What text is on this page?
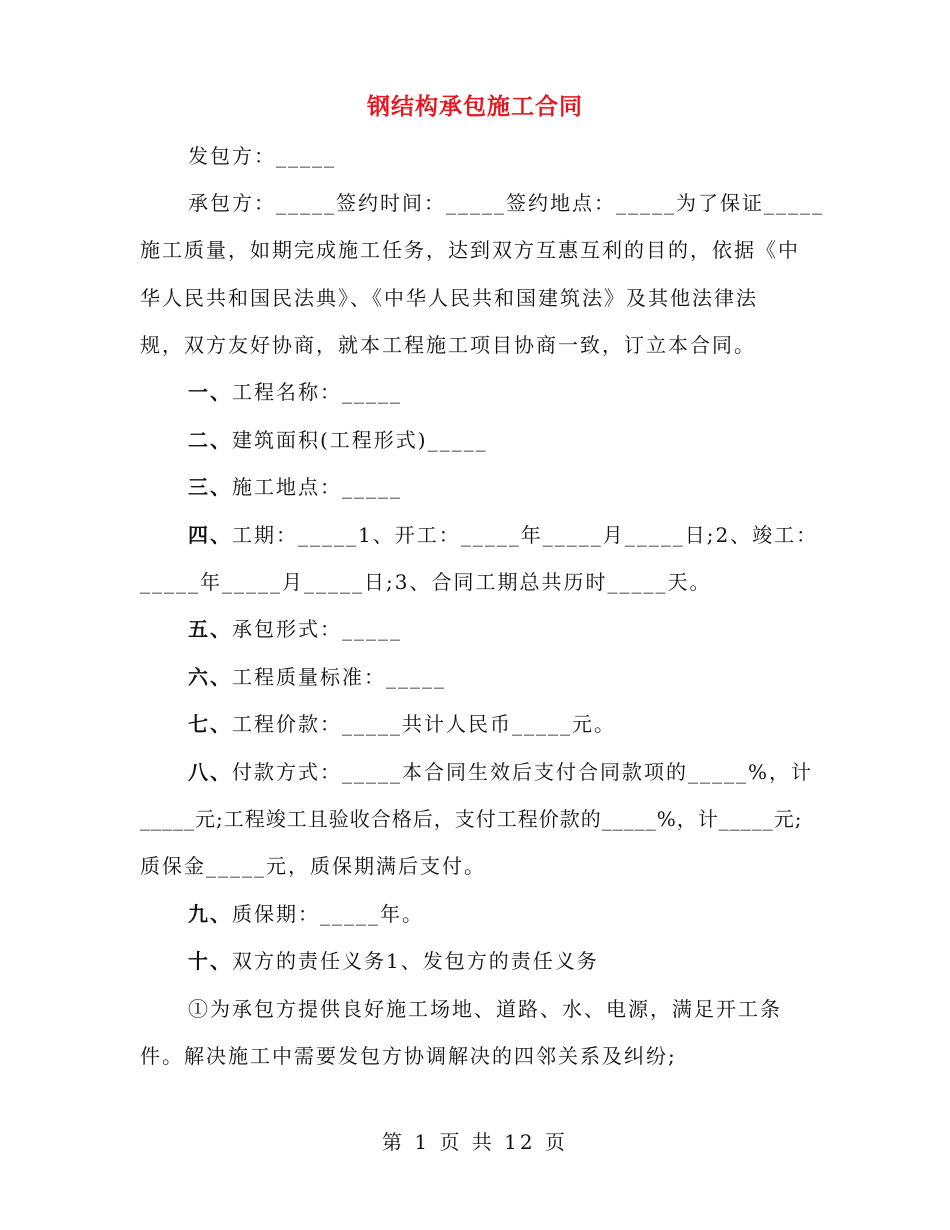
钢结构承包施工合同
发包方：_____
承包方：_____签约时间：_____签约地点：_____为了保证_____
施工质量，如期完成施工任务，达到双方互惠互利的目的，依据《中
华人民共和国民法典》、《中华人民共和国建筑法》及其他法律法
规，双方友好协商，就本工程施工项目协商一致，订立本合同。
一、工程名称：_____
二、建筑面积(工程形式)_____
三、施工地点：_____
四、工期：_____1、开工：_____年_____月_____日;2、竣工：
_____年_____月_____日;3、合同工期总共历时_____天。
五、承包形式：_____
六、工程质量标准：_____
七、工程价款：_____共计人民币_____元。
八、付款方式：_____本合同生效后支付合同款项的_____%，计
_____元;工程竣工且验收合格后，支付工程价款的_____%，计_____元;
质保金_____元，质保期满后支付。
九、质保期：_____年。
十、双方的责任义务1、发包方的责任义务
①为承包方提供良好施工场地、道路、水、电源，满足开工条
件。解决施工中需要发包方协调解决的四邻关系及纠纷;
第 1 页 共 12 页
